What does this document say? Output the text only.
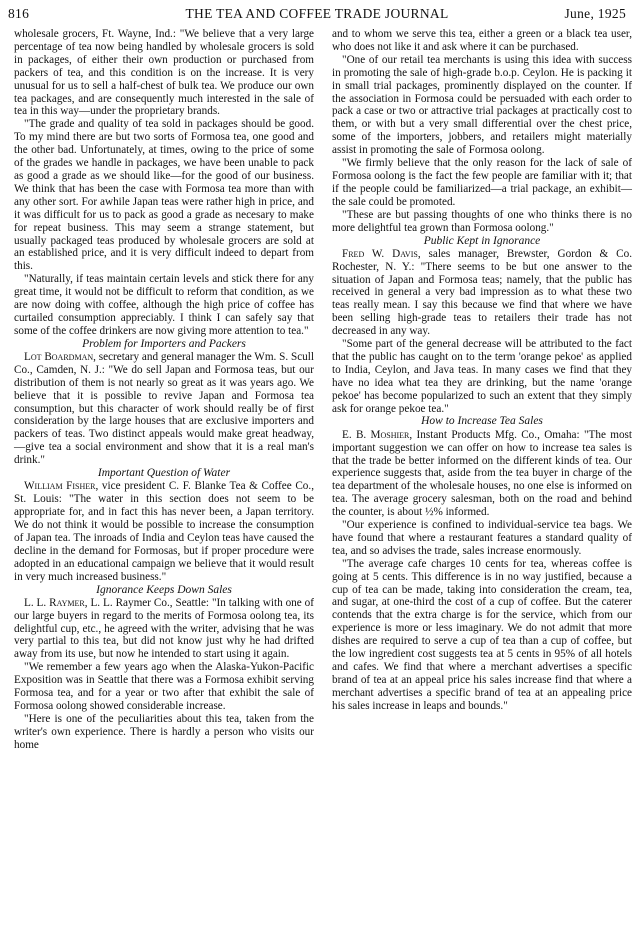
816	THE TEA AND COFFEE TRADE JOURNAL	June, 1925

wholesale grocers, Ft. Wayne, Ind.: "We believe that a very large percentage of tea now being handled by wholesale grocers is sold in packages, of either their own production or purchased from packers of tea, and this condition is on the increase. It is very unusual for us to sell a half-chest of bulk tea. We produce our own tea packages, and are consequently much interested in the sale of tea in this way—under the proprietary brands.

"The grade and quality of tea sold in packages should be good. To my mind there are but two sorts of Formosa tea, one good and the other bad. Unfortunately, at times, owing to the price of some of the grades we handle in packages, we have been unable to pack as good a grade as we should like—for the good of our business. We think that has been the case with Formosa tea more than with any other sort. For awhile Japan teas were rather high in price, and it was difficult for us to pack as good a grade as necesary to make for repeat business. This may seem a strange statement, but usually packaged teas produced by wholesale grocers are sold at an established price, and it is very difficult indeed to depart from this.

"Naturally, if teas maintain certain levels and stick there for any great time, it would not be difficult to reform that condition, as we are now doing with coffee, although the high price of coffee has curtailed consumption appreciably. I think I can safely say that some of the coffee drinkers are now giving more attention to tea."

Problem for Importers and Packers

Lot Boardman, secretary and general manager the Wm. S. Scull Co., Camden, N. J.: "We do sell Japan and Formosa teas, but our distribution of them is not nearly so great as it was years ago. We believe that it is possible to revive Japan and Formosa tea consumption, but this character of work should really be of first consideration by the large houses that are exclusive importers and packers of teas. Two distinct appeals would make great headway,—give tea a social environment and show that it is a real man's drink."

Important Question of Water

William Fisher, vice president C. F. Blanke Tea & Coffee Co., St. Louis: "The water in this section does not seem to be appropriate for, and in fact this has never been, a Japan territory. We do not think it would be possible to increase the consumption of Japan tea. The inroads of India and Ceylon teas have caused the decline in the demand for Formosas, but if proper procedure were adopted in an educational campaign we believe that it would result in very much increased business."

Ignorance Keeps Down Sales

L. L. Raymer, L. L. Raymer Co., Seattle: "In talking with one of our large buyers in regard to the merits of Formosa oolong tea, its delightful cup, etc., he agreed with the writer, advising that he was very partial to this tea, but did not know just why he had drifted away from its use, but now he intended to start using it again.

"We remember a few years ago when the Alaska-Yukon-Pacific Exposition was in Seattle that there was a Formosa exhibit serving Formosa tea, and for a year or two after that exhibit the sale of Formosa oolong showed considerable increase.

"Here is one of the peculiarities about this tea, taken from the writer's own experience. There is hardly a person who visits our home

and to whom we serve this tea, either a green or a black tea user, who does not like it and ask where it can be purchased.

"One of our retail tea merchants is using this idea with success in promoting the sale of high-grade b.o.p. Ceylon. He is packing it in small trial packages, prominently displayed on the counter. If the association in Formosa could be persuaded with each order to pack a case or two or attractive trial packages at practically cost to them, or with but a very small differential over the chest price, some of the importers, jobbers, and retailers might materially assist in promoting the sale of Formosa oolong.

"We firmly believe that the only reason for the lack of sale of Formosa oolong is the fact the few people are familiar with it; that if the people could be familiarized—a trial package, an exhibit—the sale could be promoted.

"These are but passing thoughts of one who thinks there is no more delightful tea grown than Formosa oolong."

Public Kept in Ignorance

Fred W. Davis, sales manager, Brewster, Gordon & Co. Rochester, N. Y.: "There seems to be but one answer to the situation of Japan and Formosa teas; namely, that the public has received in general a very bad impression as to what these two teas really mean. I say this because we find that where we have been selling high-grade teas to retailers their trade has not decreased in any way.

"Some part of the general decrease will be attributed to the fact that the public has caught on to the term 'orange pekoe' as applied to India, Ceylon, and Java teas. In many cases we find that they have no idea what tea they are drinking, but the name 'orange pekoe' has become popularized to such an extent that they simply ask for orange pekoe tea."

How to Increase Tea Sales

E. B. Moshier, Instant Products Mfg. Co., Omaha: "The most important suggestion we can offer on how to increase tea sales is that the trade be better informed on the different kinds of tea. Our experience suggests that, aside from the tea buyer in charge of the tea department of the wholesale houses, no one else is informed on tea. The average grocery salesman, both on the road and behind the counter, is about ½% informed.

"Our experience is confined to individual-service tea bags. We have found that where a restaurant features a standard quality of tea, and so advises the trade, sales increase enormously.

"The average cafe charges 10 cents for tea, whereas coffee is going at 5 cents. This difference is in no way justified, because a cup of tea can be made, taking into consideration the cream, tea, and sugar, at one-third the cost of a cup of coffee. But the caterer contends that the extra charge is for the service, which from our experience is more or less imaginary. We do not admit that more dishes are required to serve a cup of tea than a cup of coffee, but the low ingredient cost suggests tea at 5 cents in 95% of all hotels and cafes. We find that where a merchant advertises a specific brand of tea at an appeal price his sales increase find that where a merchant advertises a specific brand of tea at an appealing price his sales increase in leaps and bounds."
